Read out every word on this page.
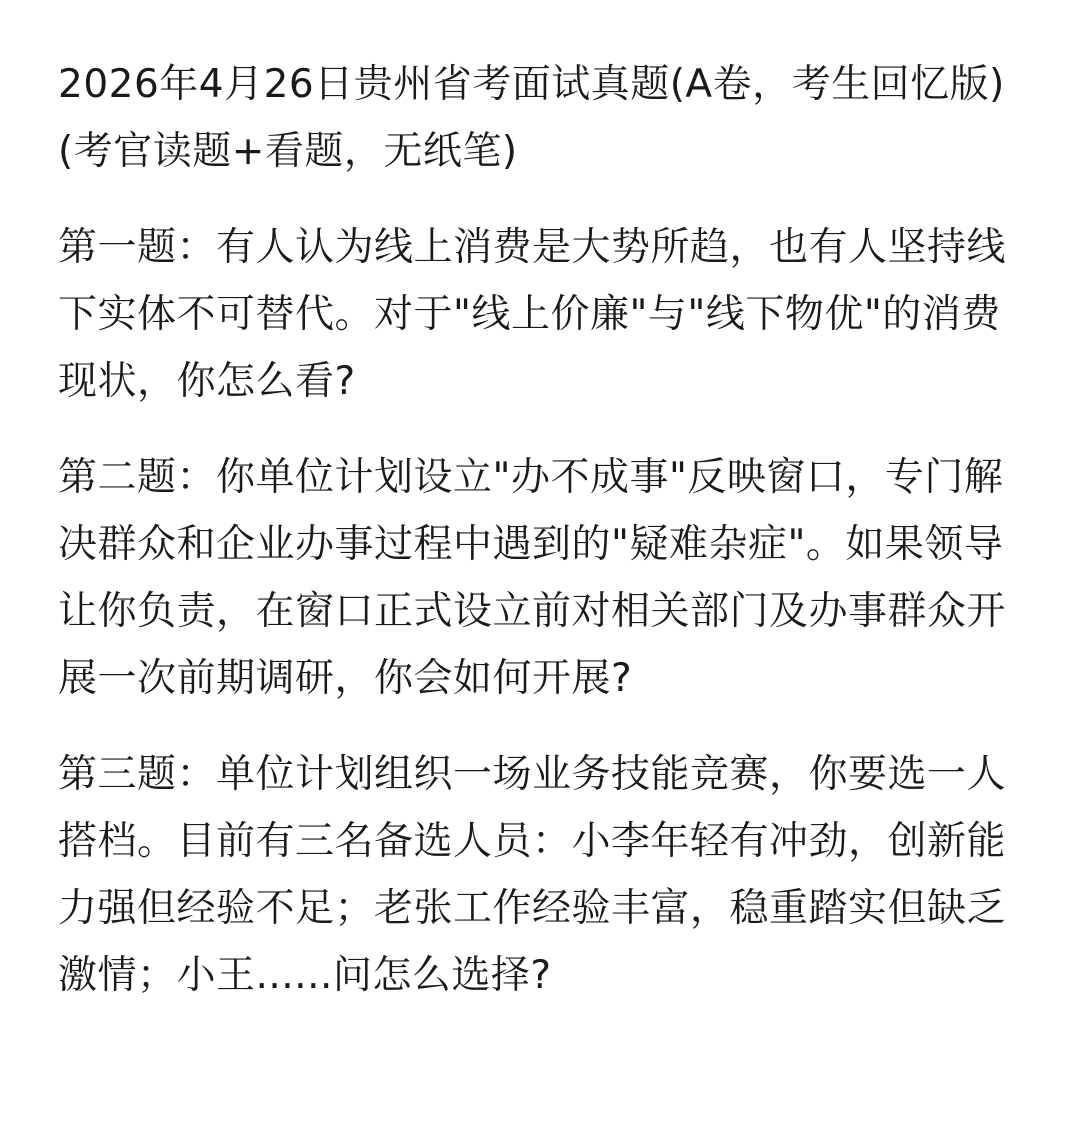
2026年4月26日贵州省考面试真题(A卷，考生回忆版)(考官读题+看题，无纸笔)

第一题：有人认为线上消费是大势所趋，也有人坚持线下实体不可替代。对于"线上价廉"与"线下物优"的消费现状，你怎么看?

第二题：你单位计划设立"办不成事"反映窗口，专门解决群众和企业办事过程中遇到的"疑难杂症"。如果领导让你负责，在窗口正式设立前对相关部门及办事群众开展一次前期调研，你会如何开展?

第三题：单位计划组织一场业务技能竞赛，你要选一人搭档。目前有三名备选人员：小李年轻有冲劲，创新能力强但经验不足；老张工作经验丰富，稳重踏实但缺乏激情；小王......问怎么选择?
